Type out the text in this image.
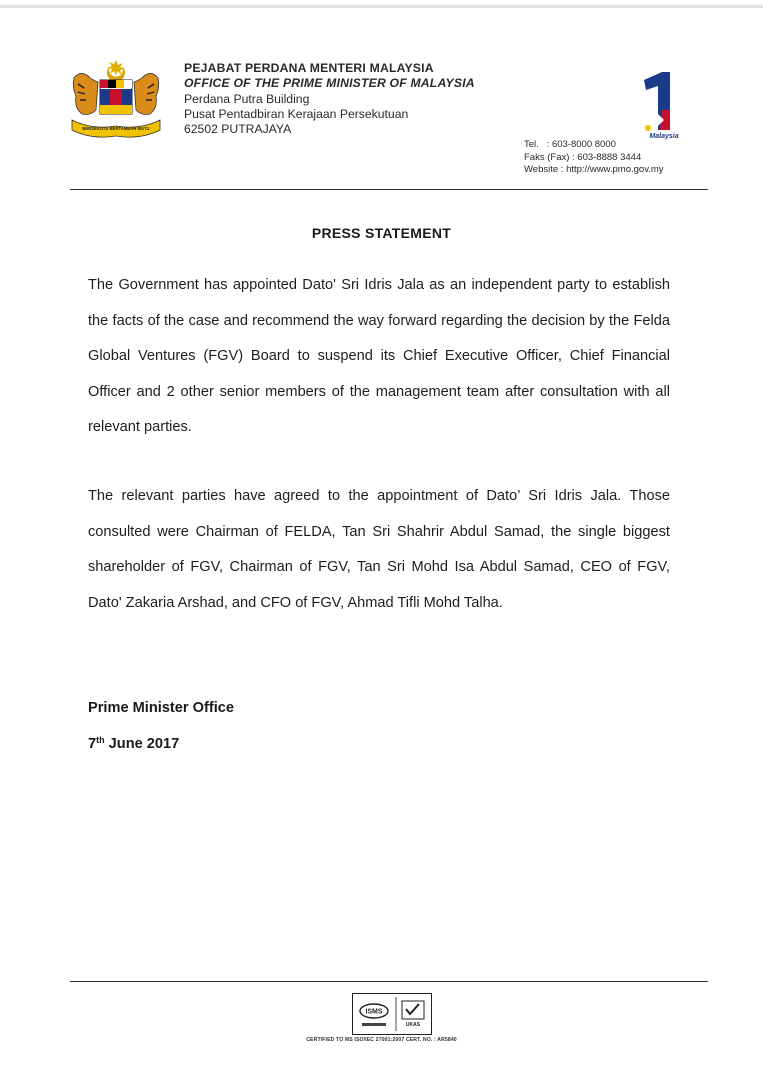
BERSEKUTU BERTAMBAH MUTU
PEJABAT PERDANA MENTERI MALAYSIA
OFFICE OF THE PRIME MINISTER OF MALAYSIA
Perdana Putra Building
Pusat Pentadbiran Kerajaan Persekutuan
62502 PUTRAJAYA
Malaysia
Tel.   : 603-8000 8000
Faks (Fax) : 603-8888 3444
Website : http://www.pmo.gov.my
PRESS STATEMENT

The Government has appointed Dato' Sri Idris Jala as an independent party to establish the facts of the case and recommend the way forward regarding the decision by the Felda Global Ventures (FGV) Board to suspend its Chief Executive Officer, Chief Financial Officer and 2 other senior members of the management team after consultation with all relevant parties.

The relevant parties have agreed to the appointment of Dato’ Sri Idris Jala. Those consulted were Chairman of FELDA, Tan Sri Shahrir Abdul Samad, the single biggest shareholder of FGV, Chairman of FGV, Tan Sri Mohd Isa Abdul Samad, CEO of FGV, Dato' Zakaria Arshad, and CFO of FGV, Ahmad Tifli Mohd Talha.

Prime Minister Office
7th June 2017
ISMS
UKAS
CERTIFIED TO MS ISO/IEC 27001:2007 CERT. NO. : AR5840
